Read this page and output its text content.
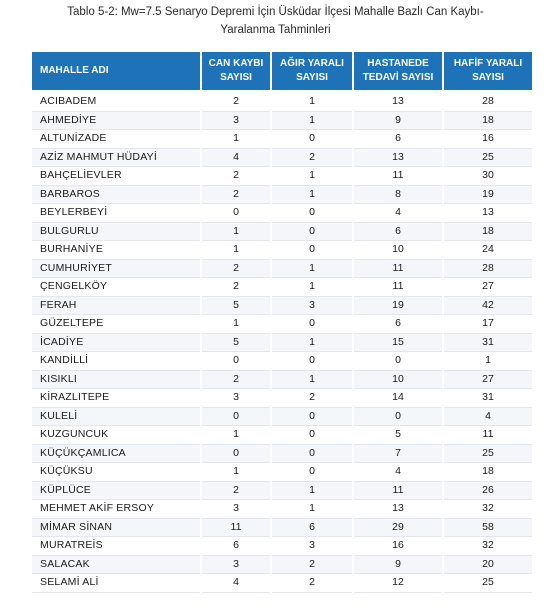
Tablo 5-2: Mw=7.5 Senaryo Depremi İçin Üsküdar İlçesi Mahalle Bazlı Can Kaybı-
Yaralanma Tahminleri
MAHALLE ADI	CAN KAYBI SAYISI	AĞIR YARALI SAYISI	HASTANEDE TEDAVİ SAYISI	HAFİF YARALI SAYISI
ACIBADEM	2	1	13	28
AHMEDİYE	3	1	9	18
ALTUNİZADE	1	0	6	16
AZİZ MAHMUT HÜDAYİ	4	2	13	25
BAHÇELİEVLER	2	1	11	30
BARBAROS	2	1	8	19
BEYLERBEYİ	0	0	4	13
BULGURLU	1	0	6	18
BURHANİYE	1	0	10	24
CUMHURİYET	2	1	11	28
ÇENGELKÖY	2	1	11	27
FERAH	5	3	19	42
GÜZELTEPE	1	0	6	17
İCADİYE	5	1	15	31
KANDİLLİ	0	0	0	1
KISIKLI	2	1	10	27
KİRAZLITEPE	3	2	14	31
KULELİ	0	0	0	4
KUZGUNCUK	1	0	5	11
KÜÇÜKÇAMLICA	0	0	7	25
KÜÇÜKSU	1	0	4	18
KÜPLÜCE	2	1	11	26
MEHMET AKİF ERSOY	3	1	13	32
MİMAR SİNAN	11	6	29	58
MURATREİS	6	3	16	32
SALACAK	3	2	9	20
SELAMİ ALİ	4	2	12	25
